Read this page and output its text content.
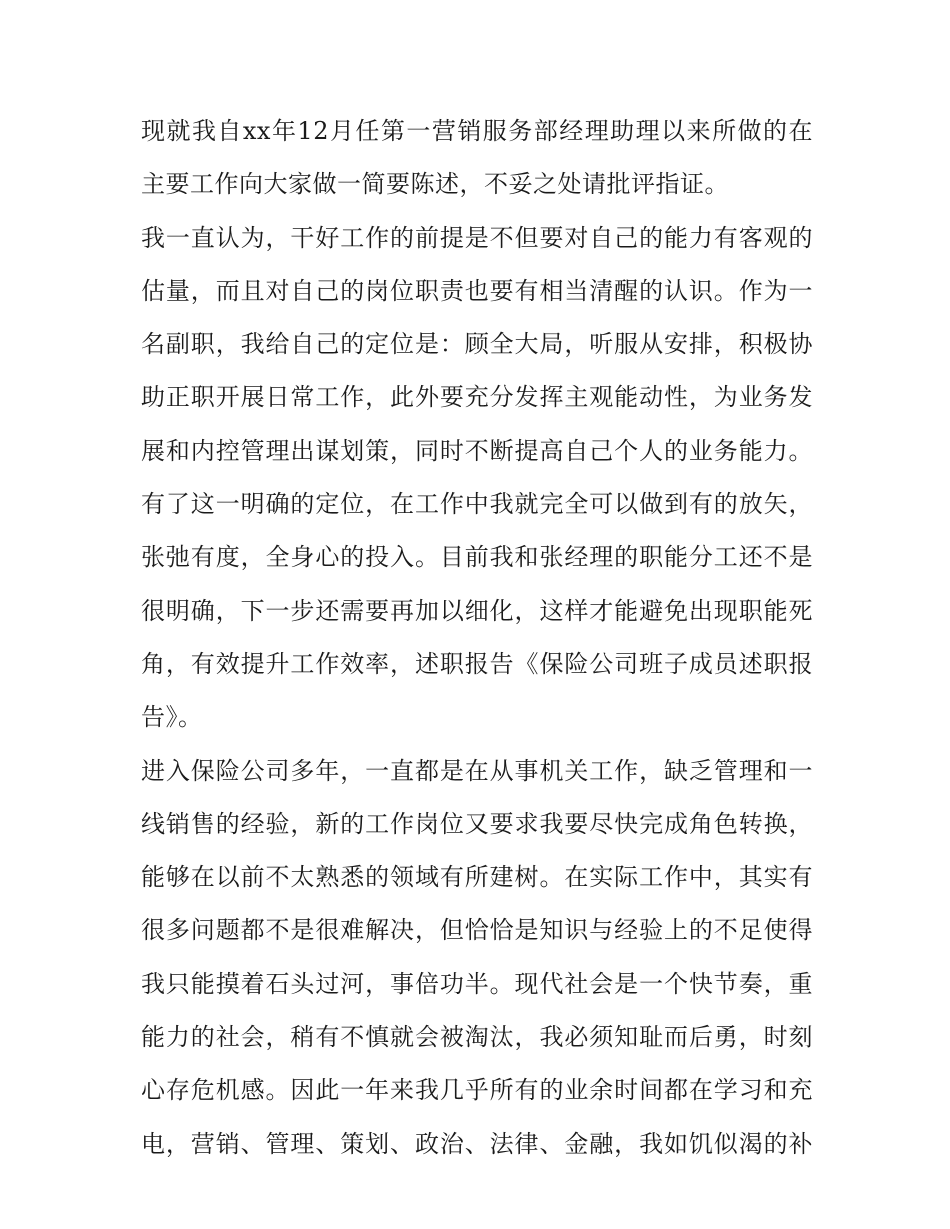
现就我自xx年12月任第一营销服务部经理助理以来所做的在
主要工作向大家做一简要陈述，不妥之处请批评指证。
我一直认为，干好工作的前提是不但要对自己的能力有客观的
估量，而且对自己的岗位职责也要有相当清醒的认识。作为一
名副职，我给自己的定位是：顾全大局，听服从安排，积极协
助正职开展日常工作，此外要充分发挥主观能动性，为业务发
展和内控管理出谋划策，同时不断提高自己个人的业务能力。
有了这一明确的定位，在工作中我就完全可以做到有的放矢，
张弛有度，全身心的投入。目前我和张经理的职能分工还不是
很明确，下一步还需要再加以细化，这样才能避免出现职能死
角，有效提升工作效率，述职报告《保险公司班子成员述职报
告》。
进入保险公司多年，一直都是在从事机关工作，缺乏管理和一
线销售的经验，新的工作岗位又要求我要尽快完成角色转换，
能够在以前不太熟悉的领域有所建树。在实际工作中，其实有
很多问题都不是很难解决，但恰恰是知识与经验上的不足使得
我只能摸着石头过河，事倍功半。现代社会是一个快节奏，重
能力的社会，稍有不慎就会被淘汰，我必须知耻而后勇，时刻
心存危机感。因此一年来我几乎所有的业余时间都在学习和充
电，营销、管理、策划、政治、法律、金融，我如饥似渴的补
